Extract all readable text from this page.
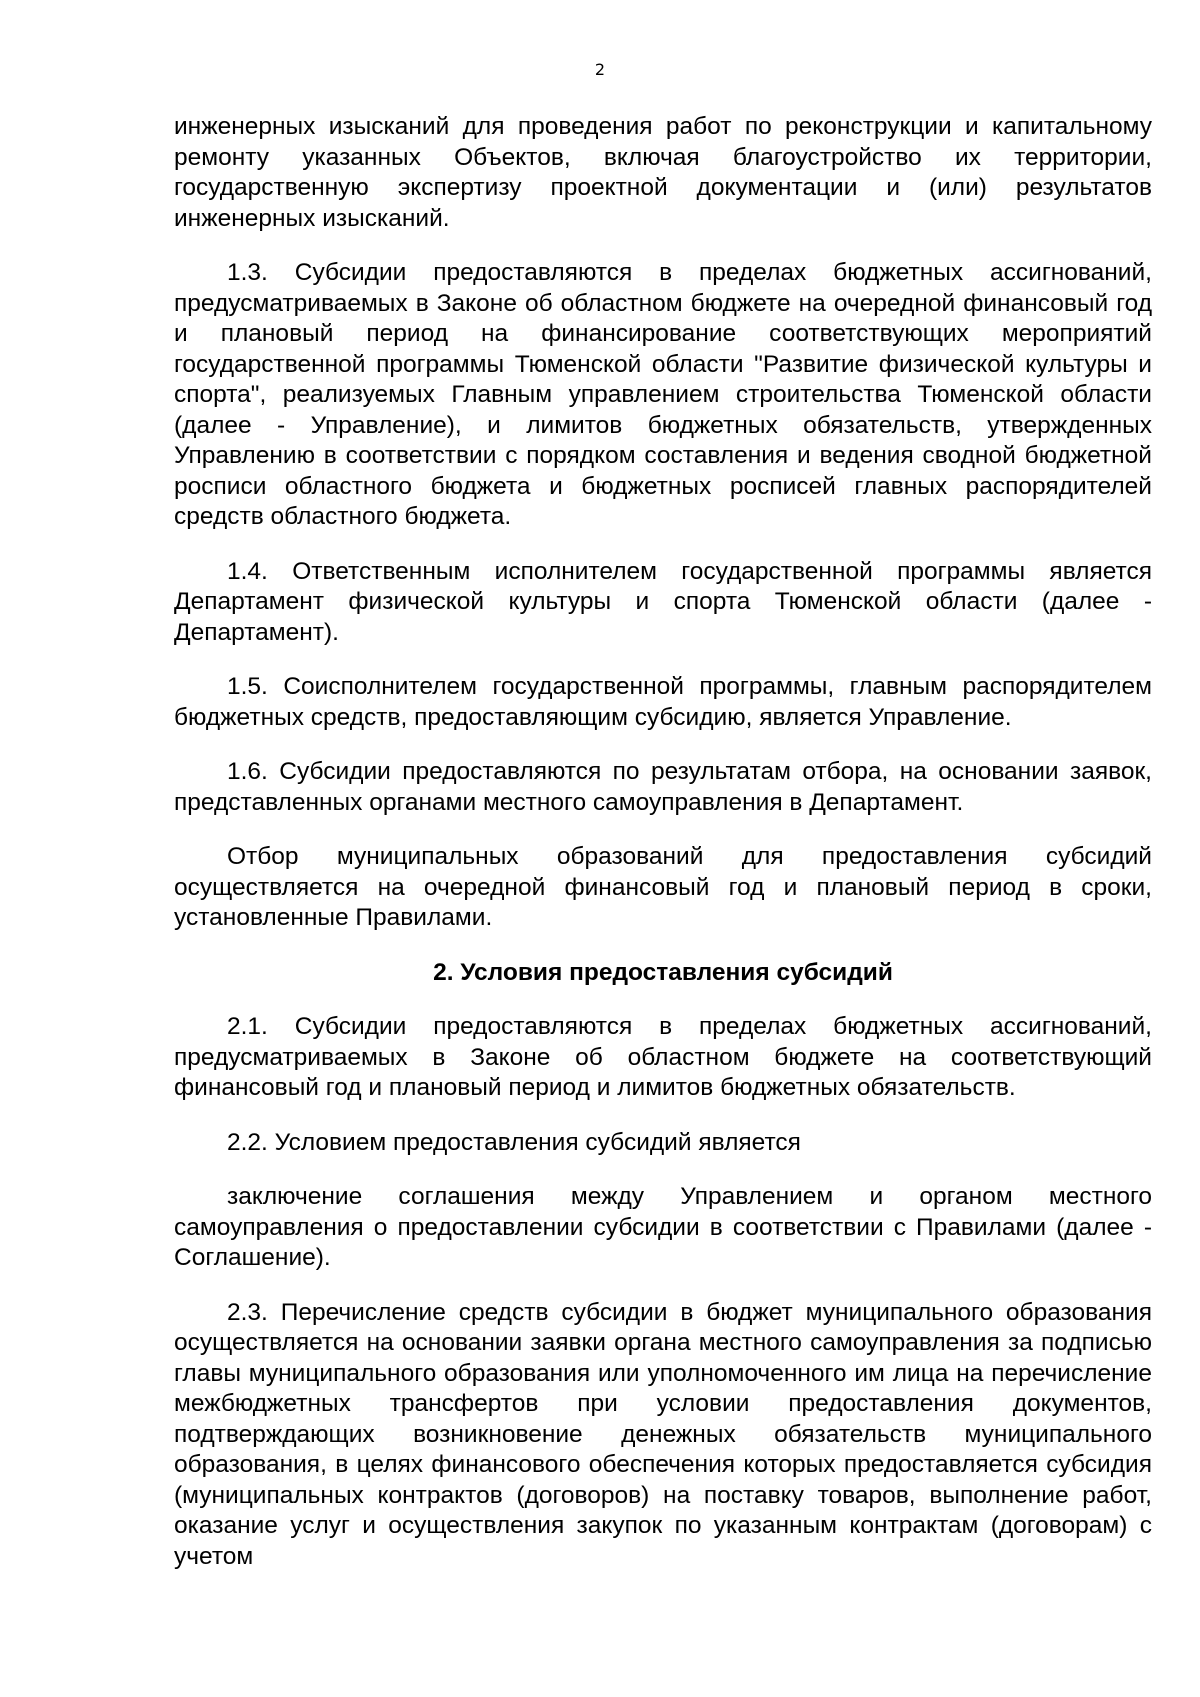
2

инженерных изысканий для проведения работ по реконструкции и капитальному ремонту указанных Объектов, включая благоустройство их территории, государственную экспертизу проектной документации и (или) результатов инженерных изысканий.

1.3. Субсидии предоставляются в пределах бюджетных ассигнований, предусматриваемых в Законе об областном бюджете на очередной финансовый год и плановый период на финансирование соответствующих мероприятий государственной программы Тюменской области "Развитие физической культуры и спорта", реализуемых Главным управлением строительства Тюменской области (далее - Управление), и лимитов бюджетных обязательств, утвержденных Управлению в соответствии с порядком составления и ведения сводной бюджетной росписи областного бюджета и бюджетных росписей главных распорядителей средств областного бюджета.

1.4. Ответственным исполнителем государственной программы является Департамент физической культуры и спорта Тюменской области (далее - Департамент).

1.5. Соисполнителем государственной программы, главным распорядителем бюджетных средств, предоставляющим субсидию, является Управление.

1.6. Субсидии предоставляются по результатам отбора, на основании заявок, представленных органами местного самоуправления в Департамент.

Отбор муниципальных образований для предоставления субсидий осуществляется на очередной финансовый год и плановый период в сроки, установленные Правилами.

2. Условия предоставления субсидий

2.1. Субсидии предоставляются в пределах бюджетных ассигнований, предусматриваемых в Законе об областном бюджете на соответствующий финансовый год и плановый период и лимитов бюджетных обязательств.

2.2. Условием предоставления субсидий является

заключение соглашения между Управлением и органом местного самоуправления о предоставлении субсидии в соответствии с Правилами (далее - Соглашение).

2.3. Перечисление средств субсидии в бюджет муниципального образования осуществляется на основании заявки органа местного самоуправления за подписью главы муниципального образования или уполномоченного им лица на перечисление межбюджетных трансфертов при условии предоставления документов, подтверждающих возникновение денежных обязательств муниципального образования, в целях финансового обеспечения которых предоставляется субсидия (муниципальных контрактов (договоров) на поставку товаров, выполнение работ, оказание услуг и осуществления закупок по указанным контрактам (договорам) с учетом
